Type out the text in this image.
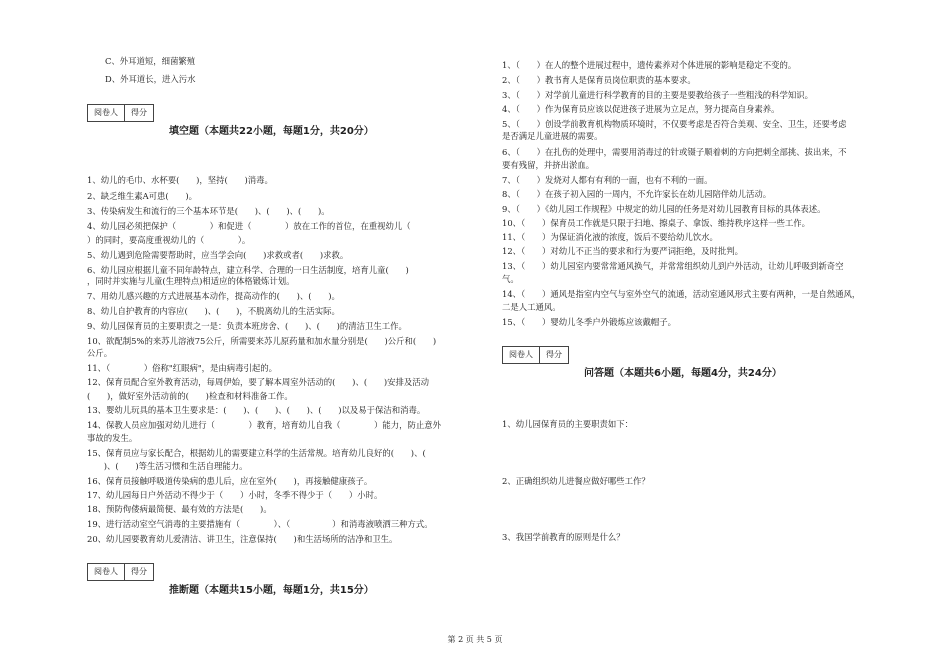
C、外耳道短，细菌繁殖
D、外耳道长，进入污水
阅卷人	得分
填空题（本题共22小题，每题1分，共20分）
1、幼儿的毛巾、水杯要(　　)，坚持(　　)消毒。
2、缺乏维生素A可患(　　)。
3、传染病发生和流行的三个基本环节是(　　)、(　　)、(　　)。
4、幼儿园必须把保护（　　　　）和促进（　　　　）放在工作的首位，在重视幼儿（
）的同时，要高度重视幼儿的（　　　　）。
5、幼儿遇到危险需要帮助时，应当学会向(　　)求救或者(　　)求救。
6、幼儿园应根据儿童不同年龄特点，建立科学、合理的一日生活制度，培育儿童(　　)
，同时并实施与儿童(生理特点)相适应的体格锻炼计划。
7、用幼儿感兴趣的方式进展基本动作，提高动作的(　　)、(　　)。
8、幼儿自护教育的内容应(　　)、(　　)，不脱离幼儿的生活实际。
9、幼儿园保育员的主要职责之一是：负责本班房舍、(　　)、(　　)的清洁卫生工作。
10、欲配制5%的来苏儿溶液75公斤，所需要来苏儿原药量和加水量分别是(　　)公斤和(　　)
公斤。
11、（　　　　）俗称"红眼病"，是由病毒引起的。
12、保育员配合室外教育活动，每周伊始，要了解本周室外活动的(　　)、(　　)安排及活动
(　　)，做好室外活动前的(　　)检查和材料准备工作。
13、婴幼儿玩具的基本卫生要求是：(　　)、(　　)、(　　)、(　　)以及易于保洁和消毒。
14、保教人员应加强对幼儿进行（　　　　）教育，培育幼儿自我（　　　　）能力，防止意外
事故的发生。
15、保育员应与家长配合，根据幼儿的需要建立科学的生活常规。培育幼儿良好的(　　)、(
　　)、(　　)等生活习惯和生活自理能力。
16、保育员接触呼吸道传染病的患儿后，应在室外(　　)，再接触健康孩子。
17、幼儿园每日户外活动不得少于（　　）小时，冬季不得少于（　　）小时。
18、预防佝偻病最简便、最有效的方法是(　　)。
19、进行活动室空气消毒的主要措施有（　　　　）、（　　　　　）和消毒液喷洒三种方式。
20、幼儿园要教育幼儿爱清洁、讲卫生，注意保持(　　)和生活场所的洁净和卫生。
阅卷人	得分
推断题（本题共15小题，每题1分，共15分）
1、（　　）在人的整个进展过程中，遗传素养对个体进展的影响是稳定不变的。
2、（　　）教书育人是保育员岗位职责的基本要求。
3、（　　）对学前儿童进行科学教育的目的主要是要教给孩子一些粗浅的科学知识。
4、（　　）作为保育员应该以促进孩子进展为立足点，努力提高自身素养。
5、（　　）创设学前教育机构物质环境时，不仅要考虑是否符合美观、安全、卫生，还要考虑
是否满足儿童进展的需要。
6、（　　）在扎伤的处理中，需要用消毒过的针或镊子顺着刺的方向把刺全部挑、拔出来，不
要有残留，并挤出淤血。
7、（　　）发烧对人都有有利的一面，也有不利的一面。
8、（　　）在孩子初入园的一周内，不允许家长在幼儿园陪伴幼儿活动。
9、（　　）《幼儿园工作规程》中规定的幼儿园的任务是对幼儿园教育目标的具体表述。
10、（　　）保育员工作就是只限于扫地、擦桌子、拿饭、维持秩序这样一些工作。
11、（　　）为保证消化液的浓度，饭后不要给幼儿饮水。
12、（　　）对幼儿不正当的要求和行为要严词拒绝，及时批判。
13、（　　）幼儿园室内要常常通风换气，并常常组织幼儿到户外活动，让幼儿呼吸到新奇空
气。
14、（　　）通风是指室内空气与室外空气的流通，活动室通风形式主要有两种，一是自然通风，
二是人工通风。
15、（　　）婴幼儿冬季户外锻炼应该戴帽子。
阅卷人	得分
问答题（本题共6小题，每题4分，共24分）
1、幼儿园保育员的主要职责如下：
2、正确组织幼儿进餐应做好哪些工作？
3、我国学前教育的原则是什么？
第 2 页 共 5 页
